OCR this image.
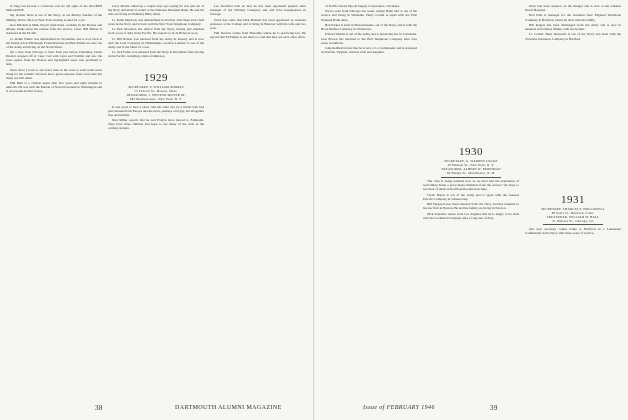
in Sieg lost he had a crossroad over its old signs of the ALUMNI MAGAZINE.

My brother Dave is out of the Navy, as are Barney Sanders of the Military Police. He is in New York looking around for a job.

Ken Mitchell is Mike Noyes' right hand, working in the Boston and Albany banks since his release from the service. Lieut. Bill Barber is stationed in the Pacific.

Lt. Rollie Waller was demobilized in November and is now back at his former job in Pittsburgh. Frank Bostrom and Bob Palmer are also out of the Army and living on the North Shore.

On a note from Chicago to New York just before Christmas, Chick Dowler stopped off at Cape Cod with Lynn and Tommy and saw the class agents from the Boston and Springfield areas who promised to help.

Once more I want to ask every man in the class to send some news along for the column. We have had a great response from a few men but many are still silent.

Phil Bent is a civilian again after five years and eight months in uniform. He was with the Bureau of Naval Personnel in Washington and is now home in New Jersey.

Larry Martin called up a couple days ago saying he was just out of the Navy and about to return to the National Shawmut Bank. He and his wife are living in Wellesley Hills, Mass.

Lt. Keith Murdock was demobilized in October after three and a half years in the Navy and is back with the New York Telephone Company.

Lt. Bob Morrison has retired from the Navy, having just returned from a tour of duty in the Pacific. He expects to be in Hanover soon.

Lt. Bill Rohrer was released from the Army in January and is now with the Leaf Company in Philadelphia. Gordon Lambert is out of the Army and is the father of a son.

Lt. Jack Fuller was released from the Navy in December after serving in the Pacific, including a time at Okinawa.

1929
SECRETARY, F. WILLIAM ANDRES
75 Federal St., Boston, Mass.
TREASURER, J. WESTON MOYER JR.
283 Madison Ave., New York, N. Y.

It was good to hear a short visit the other day by a friend who had just returned from Europe and the news, perhaps a bit gay, but altogether fine and healthy.

Dud Miller reports that he and Evelyn have moved to Falmouth. They have three children and hope to see many of the class at the coming reunion.

Les Stoddard tells us that he has been appointed general sales manager of the Whitney Company and will have headquarters in Chicago.

Word has come that Dick Bennett has been appointed an assistant professor at the College and is living in Hanover with his wife and two sons.

Phil Stevens writes from Honolulu where he is practicing law. He reports that Ed Phelps is out there too and that they see each other often.

38	DARTMOUTH ALUMNI MAGAZINE

of Pacific Ocean Pipe & Supply Corporation, Cleveland.

We'd a note from Chicago last week, saying Hank Sarr is out of the service and living in Winnetka. Harry Conlin is again with the First National Bank there.

Bob Parker is back in Massachusetts, out of the Navy, and is with the Hood Rubber Company in Watertown.

Edward Martin is out of the Army and is practicing law in Cleveland. Jack Brown has returned to the Bell Telephone Company after four years in uniform.

John Redfield writes that he is now a Lt. Commander and is stationed in Norfolk, Virginia, with his wife and daughter.

1930
SECRETARY, G. WARREN LOCKE
29 Hudson St., New York, N. Y.
TREASURER, ALBERT W. FRIEDMAN
94 Bridge St., Manchester, N. H.

The class is being reunited now as we have had the experience of welcoming home a great many members from the service. We hope to see most of them at the fifteenth reunion in June.

Clyde Harris is out of the Army and is again with the General Electric Company in Schenectady.

Bill Ferguson has been released from the Navy and has returned to his law firm in Boston. He and his family are living in Newton.

Dick Saunders writes from Los Angeles that he is happy to be back with the Lockheed Company after a long tour of duty.

Dave had been surgeon on the Ranger and is now at the Chelsea Naval Hospital.

Bob Petit is manager for the Southern New England Telephone Company in Hartford, where he lives with his family.

Bill Rogers has been discharged from the Army and is now in business in Portland, Maine, with his brother.

Lt. Comdr. Buzz Reynolds is out of the Navy and back with the Travelers Insurance Company in Hartford.

1931
SECRETARY, CHARLES F. HOLLOWELL
86 Pearl St., Hartford, Conn.
TREASURER, WILLIAM H. HALL
51 Wallace St., Chicago, Ill.

Our new secretary comes home to Hartford as a Lieutenant Commander in the Navy after three years of service.

Issue of FEBRUARY 1946	39
